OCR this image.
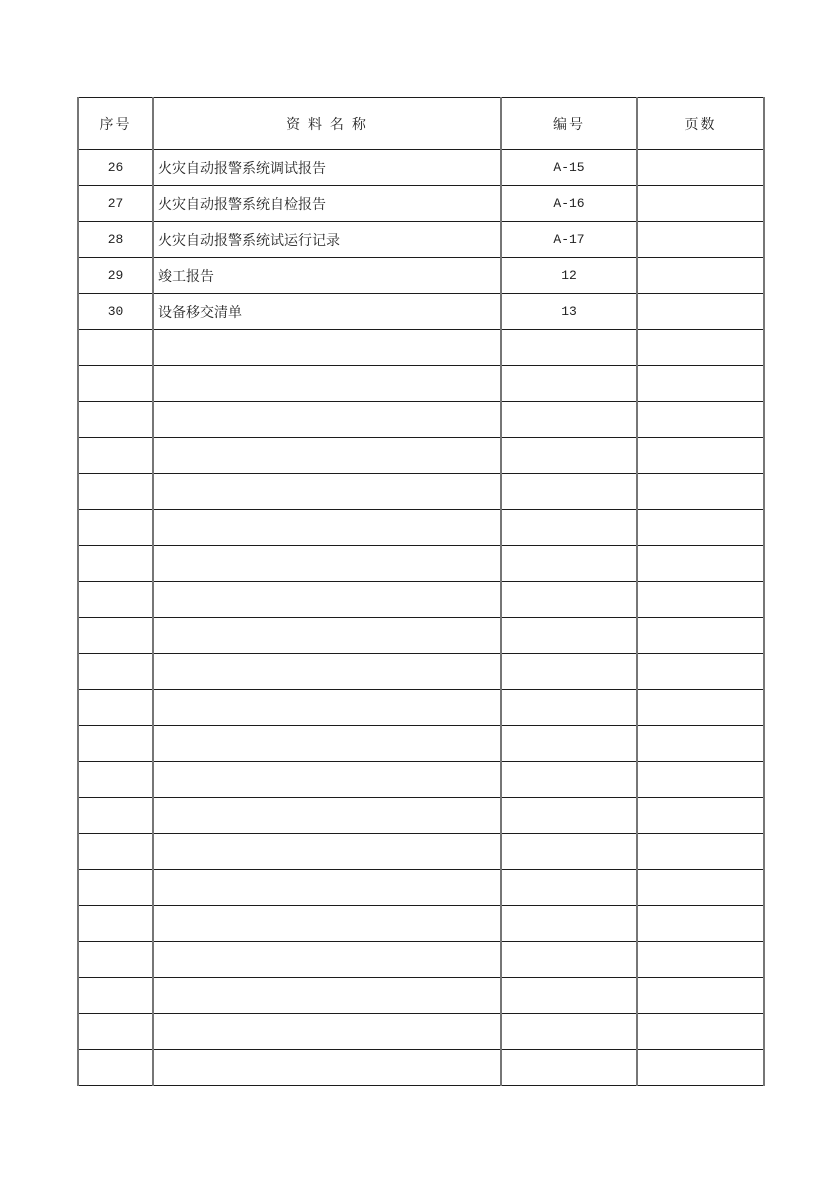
序号	资 料 名 称	编号	页数
26	火灾自动报警系统调试报告	A-15	
27	火灾自动报警系统自检报告	A-16	
28	火灾自动报警系统试运行记录	A-17	
29	竣工报告	12	
30	设备移交清单	13	
